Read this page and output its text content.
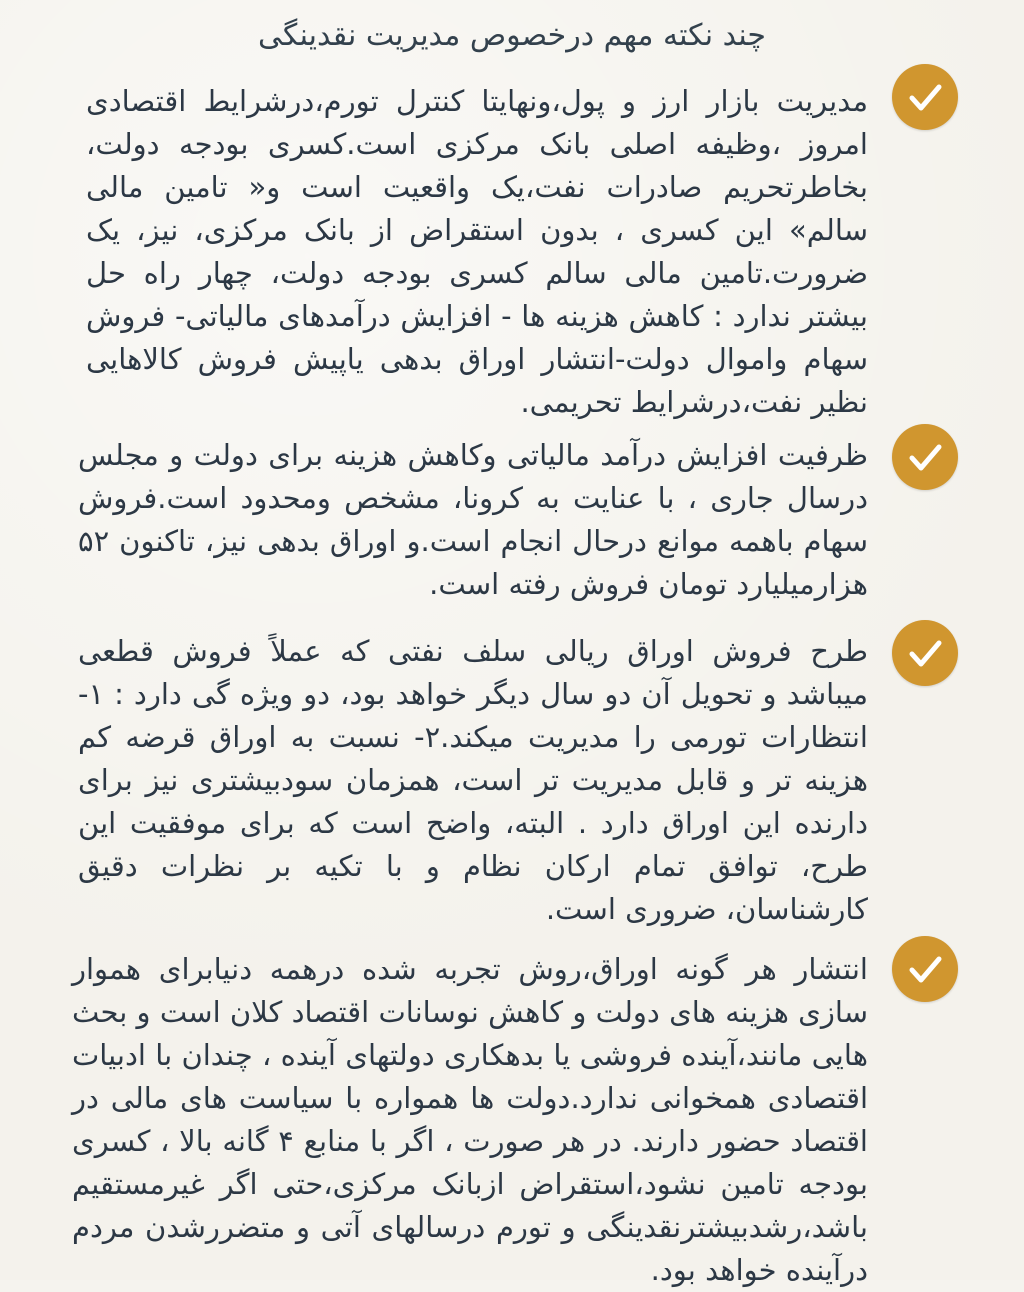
چند نکته مهم درخصوص مدیریت نقدینگی
مدیریت بازار ارز و پول،ونهایتا کنترل تورم،درشرایط اقتصادی امروز ،وظیفه اصلی بانک مرکزی است.کسری بودجه دولت، بخاطرتحریم صادرات نفت،یک واقعیت است و« تامین مالی سالم» این کسری ، بدون استقراض از بانک مرکزی، نیز، یک ضرورت.تامین مالی سالم کسری بودجه دولت، چهار راه حل بیشتر ندارد : کاهش هزینه ها - افزایش درآمدهای مالیاتی- فروش سهام واموال دولت-انتشار اوراق بدهی یاپیش فروش کالاهایی نظیر نفت،درشرایط تحریمی.
ظرفیت افزایش درآمد مالیاتی وکاهش هزینه برای دولت و مجلس درسال جاری ، با عنایت به کرونا، مشخص ومحدود است.فروش سهام باهمه موانع درحال انجام است.و اوراق بدهی نیز، تاکنون ۵۲ هزارمیلیارد تومان فروش رفته است.
طرح فروش اوراق ریالی سلف نفتی که عملاً فروش قطعی میباشد و تحویل آن دو سال دیگر خواهد بود، دو ویژه گی دارد : ۱- انتظارات تورمی را مدیریت میکند.۲- نسبت به اوراق قرضه کم هزینه تر و قابل مدیریت تر است، همزمان سودبیشتری نیز برای دارنده این اوراق دارد . البته، واضح است که برای موفقیت این طرح، توافق تمام ارکان نظام و با تکیه بر نظرات دقیق کارشناسان، ضروری است.
انتشار هر گونه اوراق،روش تجربه شده درهمه دنیابرای هموار سازی هزینه های دولت و کاهش نوسانات اقتصاد کلان است و بحث هایی مانند،آینده فروشی یا بدهکاری دولتهای آینده ، چندان با ادبیات اقتصادی همخوانی ندارد.دولت ها همواره با سیاست های مالی در اقتصاد حضور دارند. در هر صورت ، اگر با منابع ۴ گانه بالا ، کسری بودجه تامین نشود،استقراض ازبانک مرکزی،حتی اگر غیرمستقیم باشد،رشدبیشترنقدینگی و تورم درسالهای آتی و متضررشدن مردم درآینده خواهد بود.
